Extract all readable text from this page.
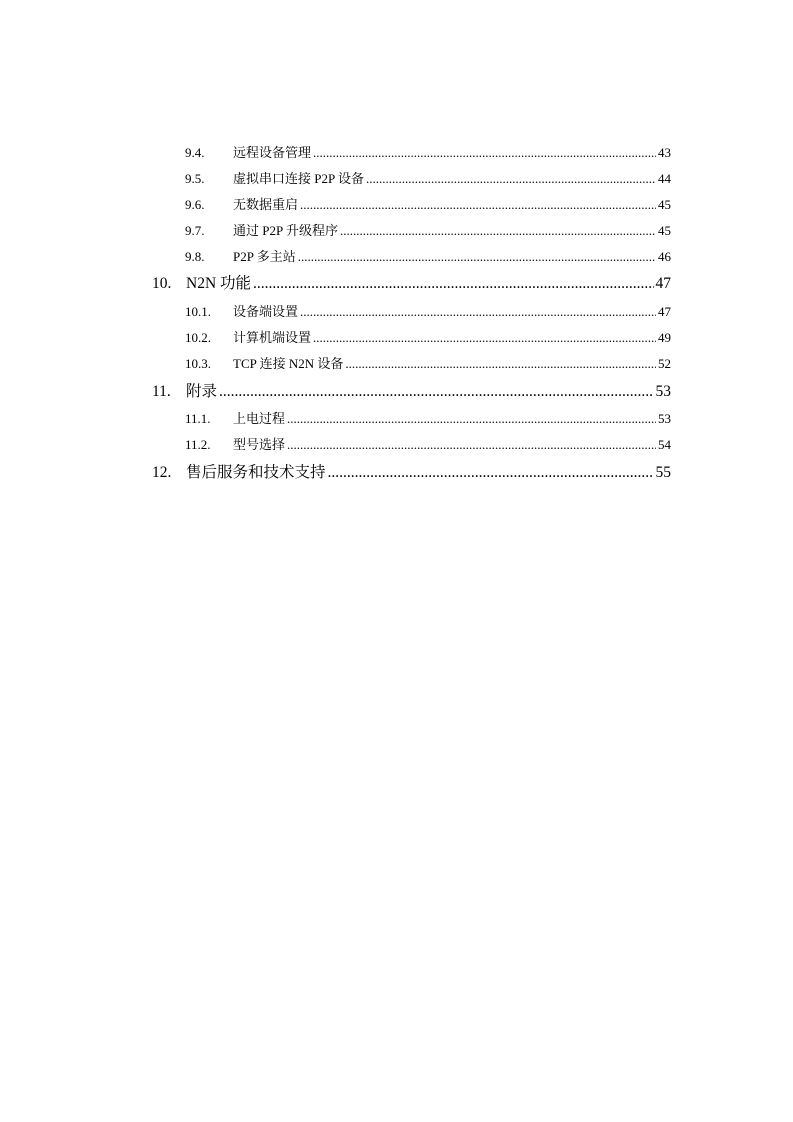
9.4. 远程设备管理 .....	43
9.5. 虚拟串口连接 P2P 设备 .....	44
9.6. 无数据重启 .....	45
9.7. 通过 P2P 升级程序 .....	45
9.8. P2P 多主站 .....	46
10. N2N 功能 .....	47
10.1. 设备端设置 .....	47
10.2. 计算机端设置 .....	49
10.3. TCP 连接 N2N 设备 .....	52
11. 附录 .....	53
11.1. 上电过程 .....	53
11.2. 型号选择 .....	54
12. 售后服务和技术支持 .....	55
